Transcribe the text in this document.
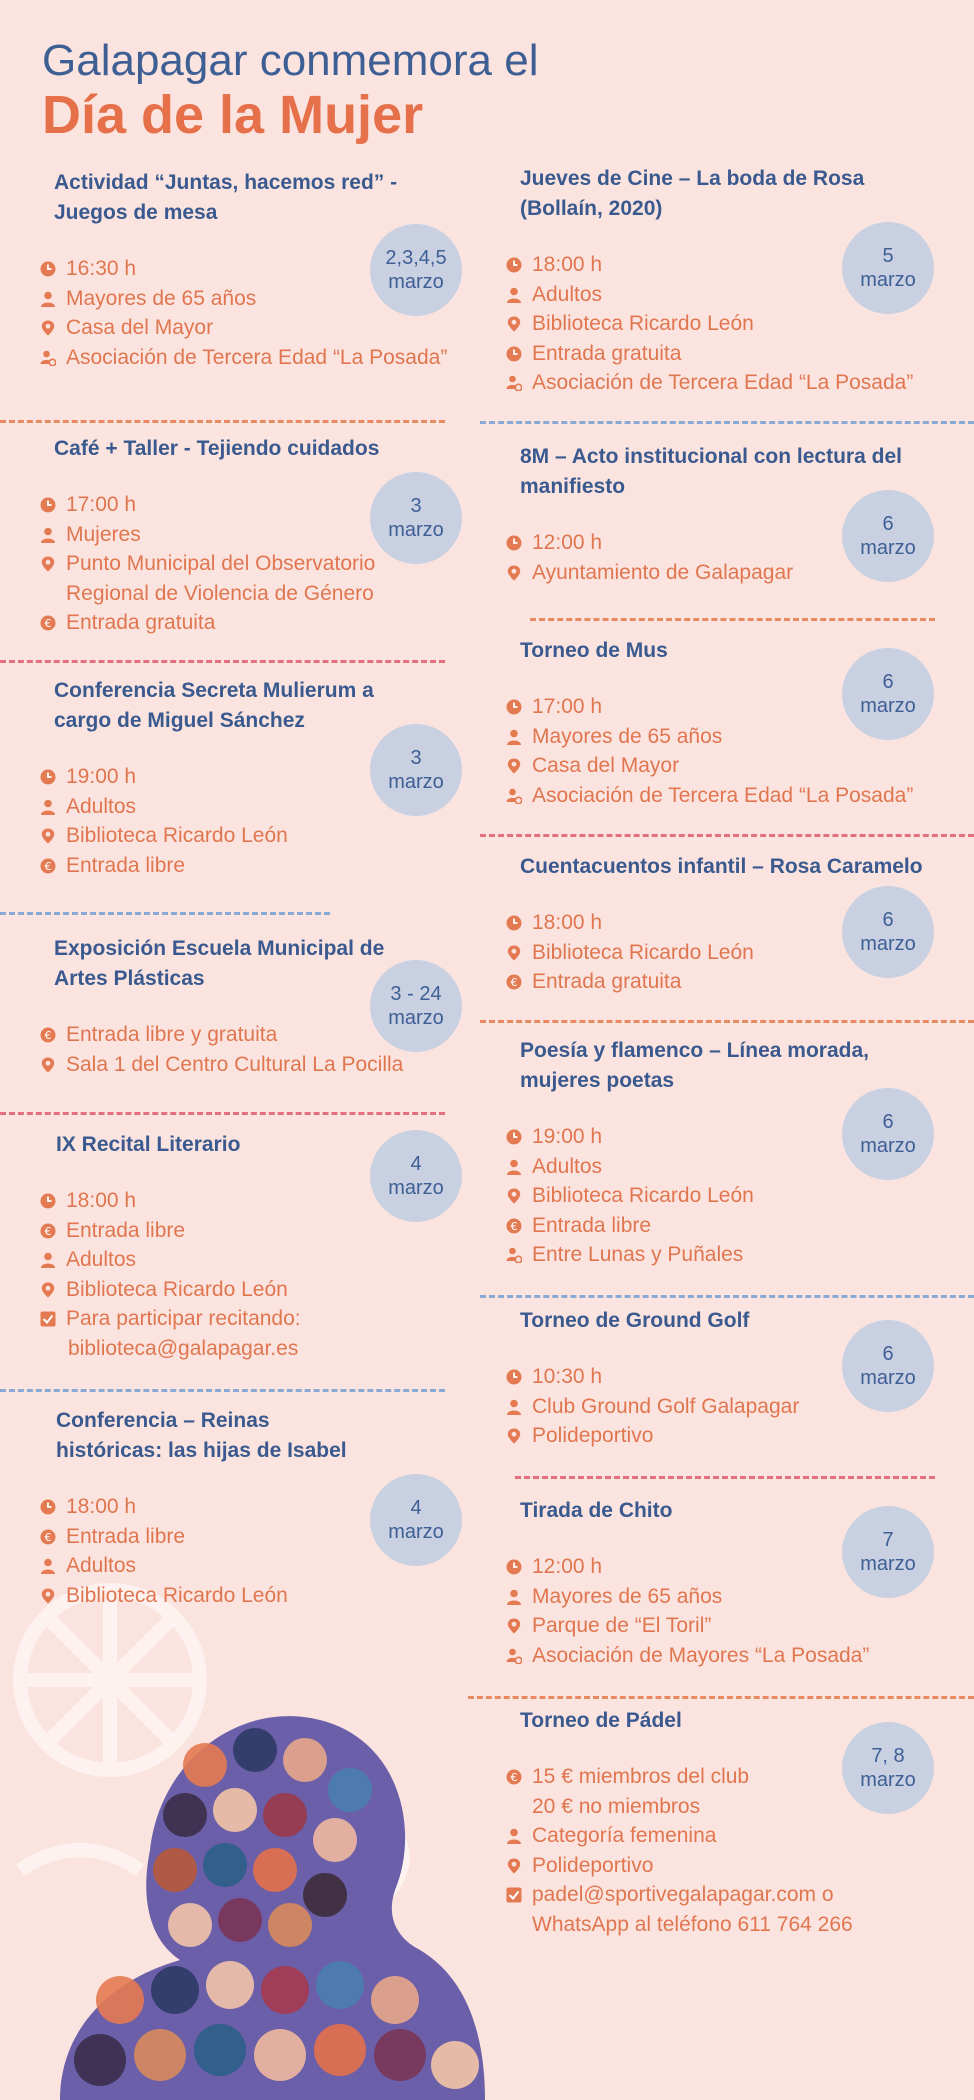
Galapagar conmemora el
Día de la Mujer
Actividad “Juntas, hacemos red” -
Juegos de mesa
16:30 h
Mayores de 65 años
Casa del Mayor
Asociación de Tercera Edad “La Posada”
2,3,4,5
marzo
Café + Taller - Tejiendo cuidados
17:00 h
Mujeres
Punto Municipal del Observatorio
Regional de Violencia de Género
€ Entrada gratuita
3
marzo
Conferencia Secreta Mulierum a
cargo de Miguel Sánchez
19:00 h
Adultos
Biblioteca Ricardo León
€ Entrada libre
3
marzo
Exposición Escuela Municipal de
Artes Plásticas
€ Entrada libre y gratuita
Sala 1 del Centro Cultural La Pocilla
3 - 24
marzo
IX Recital Literario
18:00 h
€ Entrada libre
Adultos
Biblioteca Ricardo León
Para participar recitando:
biblioteca@galapagar.es
4
marzo
Conferencia – Reinas
históricas: las hijas de Isabel
18:00 h
€ Entrada libre
Adultos
Biblioteca Ricardo León
4
marzo
Jueves de Cine – La boda de Rosa
(Bollaín, 2020)
18:00 h
Adultos
Biblioteca Ricardo León
Entrada gratuita
Asociación de Tercera Edad “La Posada”
5
marzo
8M – Acto institucional con lectura del
manifiesto
12:00 h
Ayuntamiento de Galapagar
6
marzo
Torneo de Mus
17:00 h
Mayores de 65 años
Casa del Mayor
Asociación de Tercera Edad “La Posada”
6
marzo
Cuentacuentos infantil – Rosa Caramelo
18:00 h
Biblioteca Ricardo León
€ Entrada gratuita
6
marzo
Poesía y flamenco – Línea morada,
mujeres poetas
19:00 h
Adultos
Biblioteca Ricardo León
€ Entrada libre
Entre Lunas y Puñales
6
marzo
Torneo de Ground Golf
10:30 h
Club Ground Golf Galapagar
Polideportivo
6
marzo
Tirada de Chito
12:00 h
Mayores de 65 años
Parque de “El Toril”
Asociación de Mayores “La Posada”
7
marzo
Torneo de Pádel
€ 15 € miembros del club
20 € no miembros
Categoría femenina
Polideportivo
padel@sportivegalapagar.com o
WhatsApp al teléfono 611 764 266
7, 8
marzo
